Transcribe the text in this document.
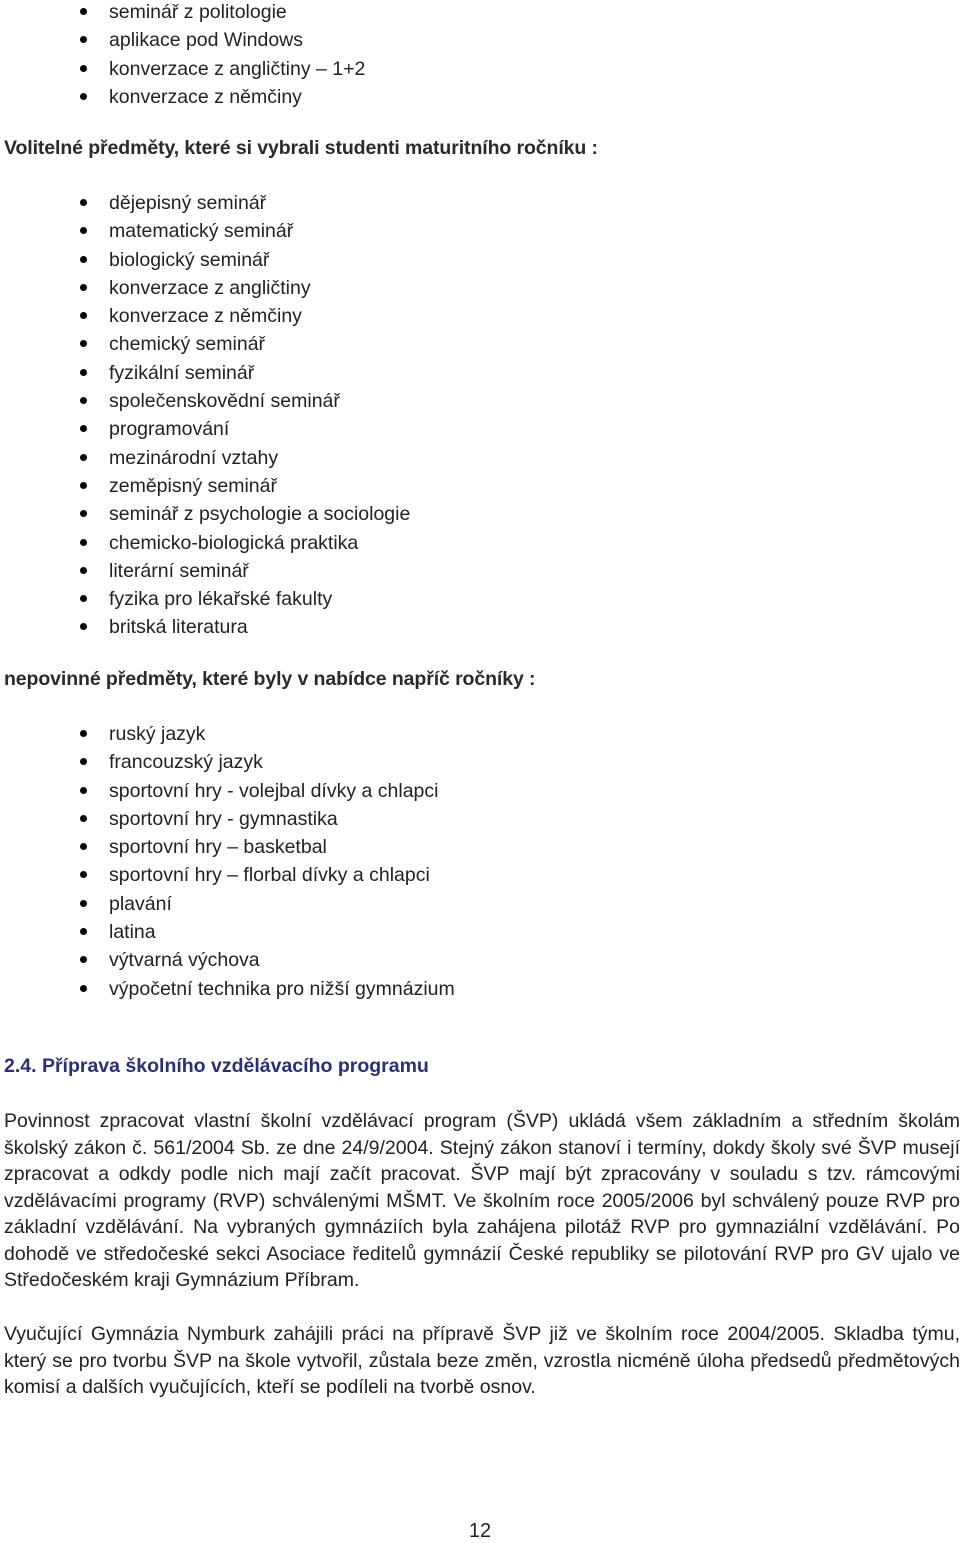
seminář z politologie
aplikace pod Windows
konverzace z angličtiny – 1+2
konverzace z němčiny
Volitelné předměty, které si vybrali studenti maturitního ročníku :
dějepisný seminář
matematický seminář
biologický seminář
konverzace z angličtiny
konverzace z němčiny
chemický seminář
fyzikální seminář
společenskovědní seminář
programování
mezinárodní vztahy
zeměpisný seminář
seminář z psychologie a sociologie
chemicko-biologická praktika
literární seminář
fyzika pro lékařské fakulty
britská literatura
nepovinné předměty, které byly v nabídce napříč ročníky :
ruský jazyk
francouzský jazyk
sportovní hry - volejbal dívky a chlapci
sportovní hry - gymnastika
sportovní hry – basketbal
sportovní hry – florbal dívky a chlapci
plavání
latina
výtvarná výchova
výpočetní technika pro nižší gymnázium
2.4. Příprava školního vzdělávacího programu
Povinnost zpracovat vlastní školní vzdělávací program (ŠVP) ukládá všem základním a středním školám školský zákon č. 561/2004 Sb. ze dne 24/9/2004. Stejný zákon stanoví i termíny, dokdy školy své ŠVP musejí zpracovat a odkdy podle nich mají začít pracovat. ŠVP mají být zpracovány v souladu s tzv. rámcovými vzdělávacími programy (RVP) schválenými MŠMT. Ve školním roce 2005/2006 byl schválený pouze RVP pro základní vzdělávání. Na vybraných gymnáziích byla zahájena pilotáž RVP pro gymnaziální vzdělávání. Po dohodě ve středočeské sekci Asociace ředitelů gymnázií České republiky se pilotování RVP pro GV ujalo ve Středočeském kraji Gymnázium Příbram.
Vyučující Gymnázia Nymburk zahájili práci na přípravě ŠVP již ve školním roce 2004/2005. Skladba týmu, který se pro tvorbu ŠVP na škole vytvořil, zůstala beze změn, vzrostla nicméně úloha předsedů předmětových komisí a dalších vyučujících, kteří se podíleli na tvorbě osnov.
12
